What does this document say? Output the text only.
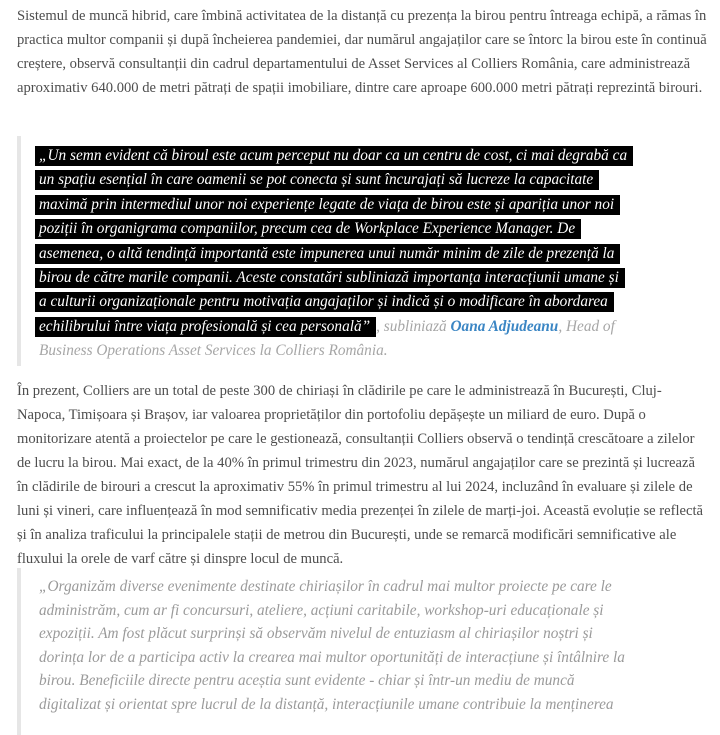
Sistemul de muncă hibrid, care îmbină activitatea de la distanță cu prezența la birou pentru întreaga echipă, a rămas în practica multor companii și după încheierea pandemiei, dar numărul angajaților care se întorc la birou este în continuă creștere, observă consultanții din cadrul departamentului de Asset Services al Colliers România, care administrează aproximativ 640.000 de metri pătrați de spații imobiliare, dintre care aproape 600.000 metri pătrați reprezintă birouri.

„Un semn evident că biroul este acum perceput nu doar ca un centru de cost, ci mai degrabă ca
un spațiu esențial în care oamenii se pot conecta și sunt încurajați să lucreze la capacitate
maximă prin intermediul unor noi experiențe legate de viața de birou este și apariția unor noi
poziții în organigrama companiilor, precum cea de Workplace Experience Manager. De
asemenea, o altă tendință importantă este impunerea unui număr minim de zile de prezență la
birou de către marile companii. Aceste constatări subliniază importanța interacțiunii umane și
a culturii organizaționale pentru motivația angajaților și indică și o modificare în abordarea
echilibrului între viața profesională și cea personală” , subliniază Oana Adjudeanu, Head of
Business Operations Asset Services la Colliers România.

În prezent, Colliers are un total de peste 300 de chiriași în clădirile pe care le administrează în București, Cluj-Napoca, Timișoara și Brașov, iar valoarea proprietăților din portofoliu depășește un miliard de euro. După o monitorizare atentă a proiectelor pe care le gestionează, consultanții Colliers observă o tendință crescătoare a zilelor de lucru la birou. Mai exact, de la 40% în primul trimestru din 2023, numărul angajaților care se prezintă și lucrează în clădirile de birouri a crescut la aproximativ 55% în primul trimestru al lui 2024, incluzând în evaluare și zilele de luni și vineri, care influențează în mod semnificativ media prezenței în zilele de marți-joi. Această evoluție se reflectă și în analiza traficului la principalele stații de metrou din București, unde se remarcă modificări semnificative ale fluxului la orele de varf către și dinspre locul de muncă.

„Organizăm diverse evenimente destinate chiriașilor în cadrul mai multor proiecte pe care le
administrăm, cum ar fi concursuri, ateliere, acțiuni caritabile, workshop-uri educaționale și
expoziții. Am fost plăcut surprinși să observăm nivelul de entuziasm al chiriașilor noștri și
dorința lor de a participa activ la crearea mai multor oportunități de interacțiune și întâlnire la
birou. Beneficiile directe pentru aceștia sunt evidente - chiar și într-un mediu de muncă
digitalizat și orientat spre lucrul de la distanță, interacțiunile umane contribuie la menținerea
